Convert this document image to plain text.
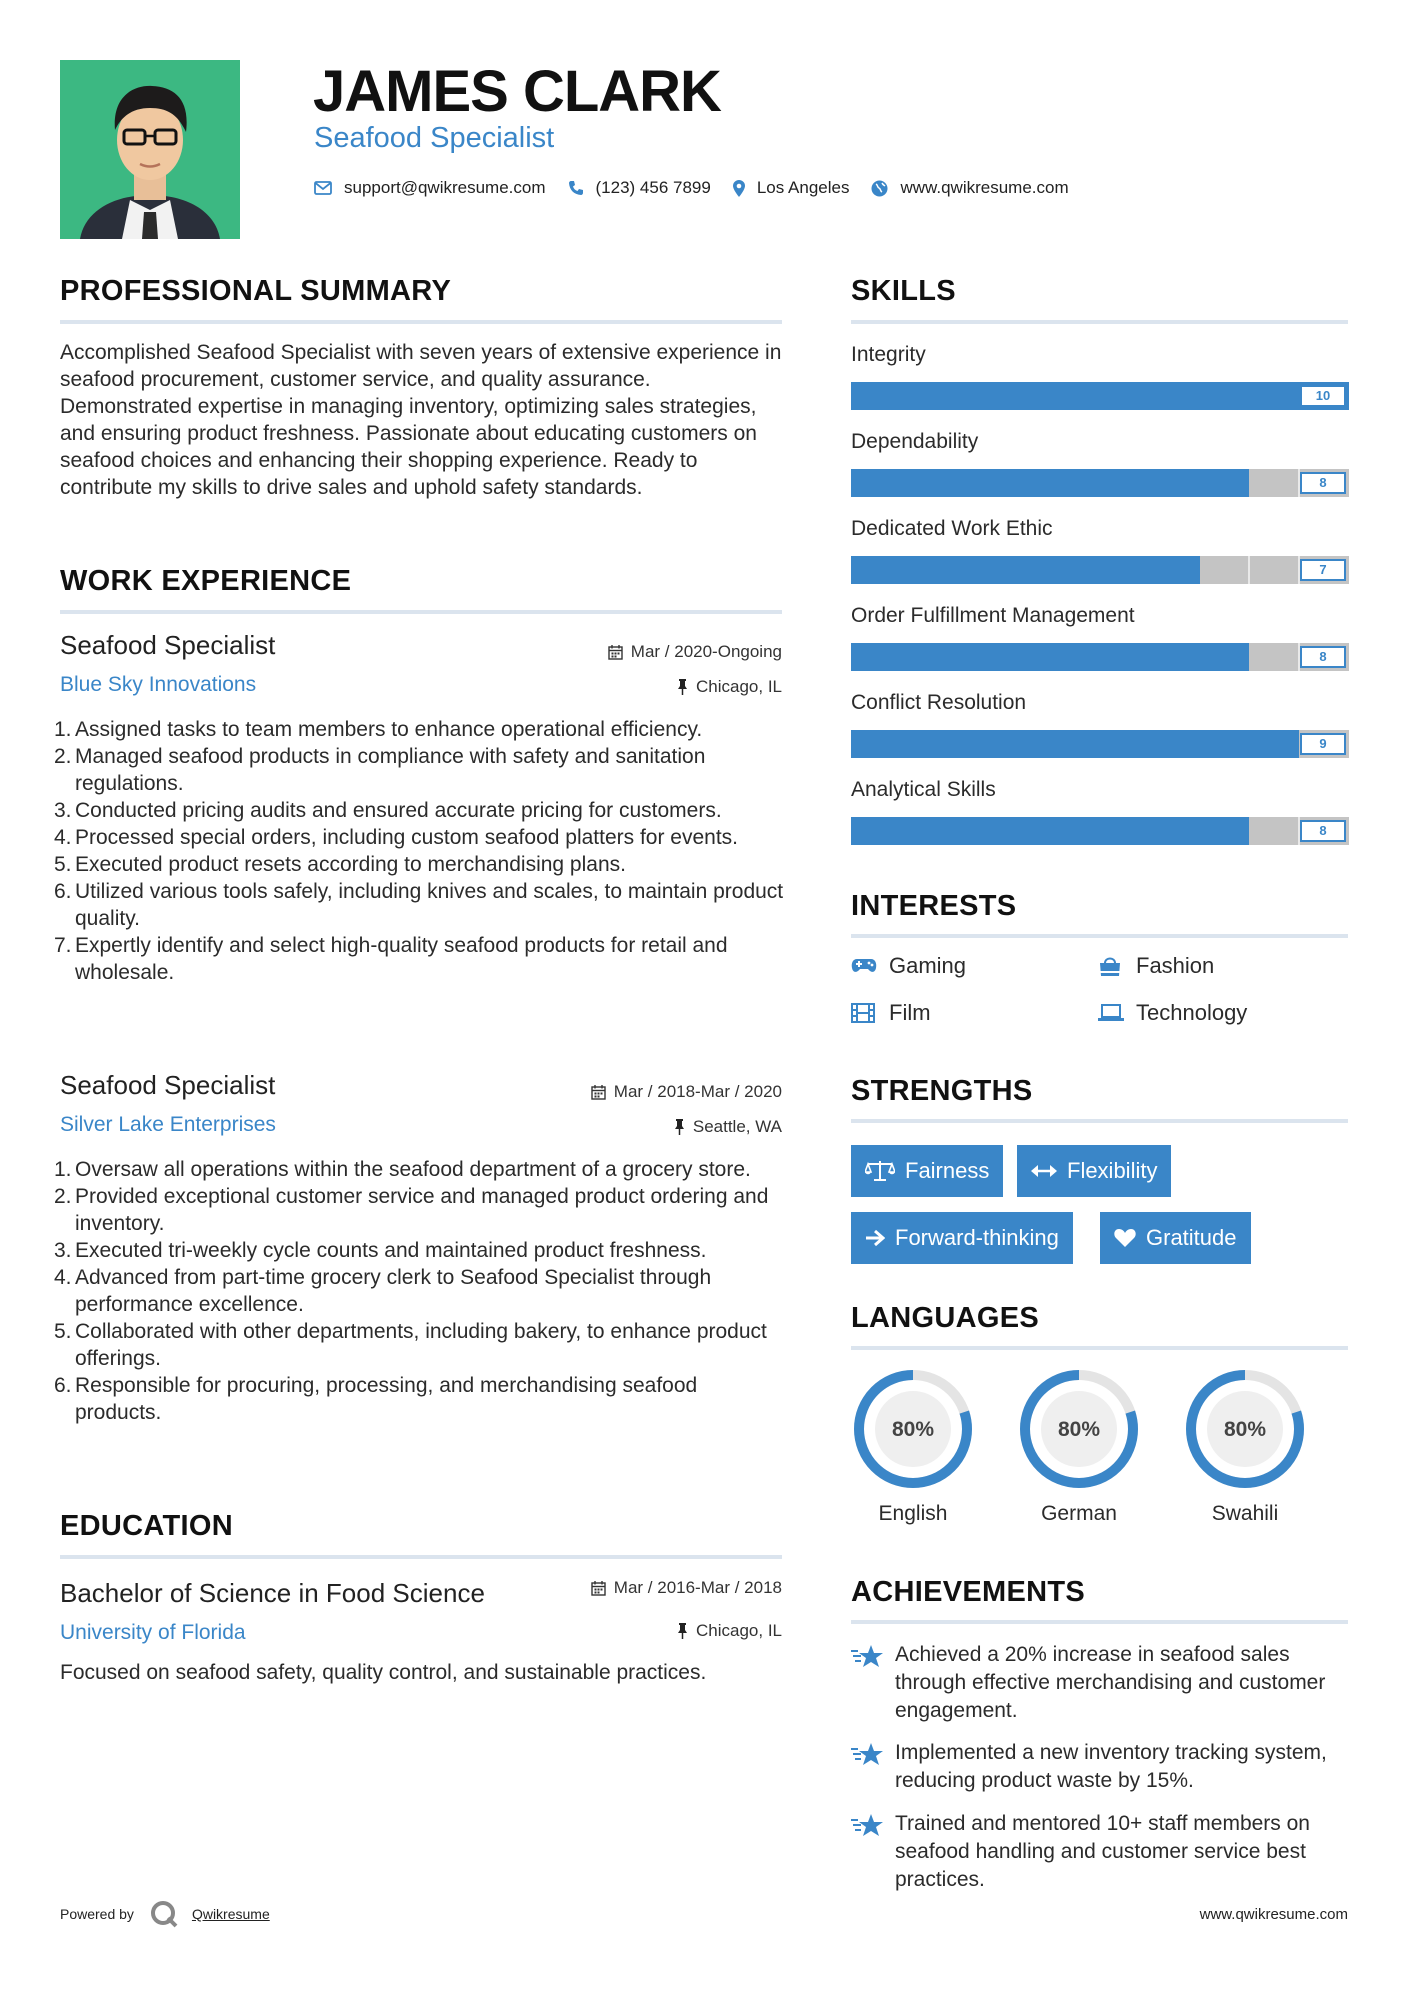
JAMES CLARK
Seafood Specialist
support@qwikresume.com	(123) 456 7899	Los Angeles	www.qwikresume.com
PROFESSIONAL SUMMARY
Accomplished Seafood Specialist with seven years of extensive experience in seafood procurement, customer service, and quality assurance. Demonstrated expertise in managing inventory, optimizing sales strategies, and ensuring product freshness. Passionate about educating customers on seafood choices and enhancing their shopping experience. Ready to contribute my skills to drive sales and uphold safety standards.
WORK EXPERIENCE
Seafood Specialist	Mar / 2020-Ongoing
Blue Sky Innovations	Chicago, IL
1. Assigned tasks to team members to enhance operational efficiency.
2. Managed seafood products in compliance with safety and sanitation regulations.
3. Conducted pricing audits and ensured accurate pricing for customers.
4. Processed special orders, including custom seafood platters for events.
5. Executed product resets according to merchandising plans.
6. Utilized various tools safely, including knives and scales, to maintain product quality.
7. Expertly identify and select high-quality seafood products for retail and wholesale.
Seafood Specialist	Mar / 2018-Mar / 2020
Silver Lake Enterprises	Seattle, WA
1. Oversaw all operations within the seafood department of a grocery store.
2. Provided exceptional customer service and managed product ordering and inventory.
3. Executed tri-weekly cycle counts and maintained product freshness.
4. Advanced from part-time grocery clerk to Seafood Specialist through performance excellence.
5. Collaborated with other departments, including bakery, to enhance product offerings.
6. Responsible for procuring, processing, and merchandising seafood products.
EDUCATION
Bachelor of Science in Food Science	Mar / 2016-Mar / 2018
University of Florida	Chicago, IL
Focused on seafood safety, quality control, and sustainable practices.
SKILLS
Integrity
10
Dependability
8
Dedicated Work Ethic
7
Order Fulfillment Management
8
Conflict Resolution
9
Analytical Skills
8
INTERESTS
Gaming	Fashion
Film	Technology
STRENGTHS
Fairness	Flexibility
Forward-thinking	Gratitude
LANGUAGES
80%
English
80%
German
80%
Swahili
ACHIEVEMENTS
Achieved a 20% increase in seafood sales through effective merchandising and customer engagement.
Implemented a new inventory tracking system, reducing product waste by 15%.
Trained and mentored 10+ staff members on seafood handling and customer service best practices.
Powered by	Qwikresume	www.qwikresume.com
